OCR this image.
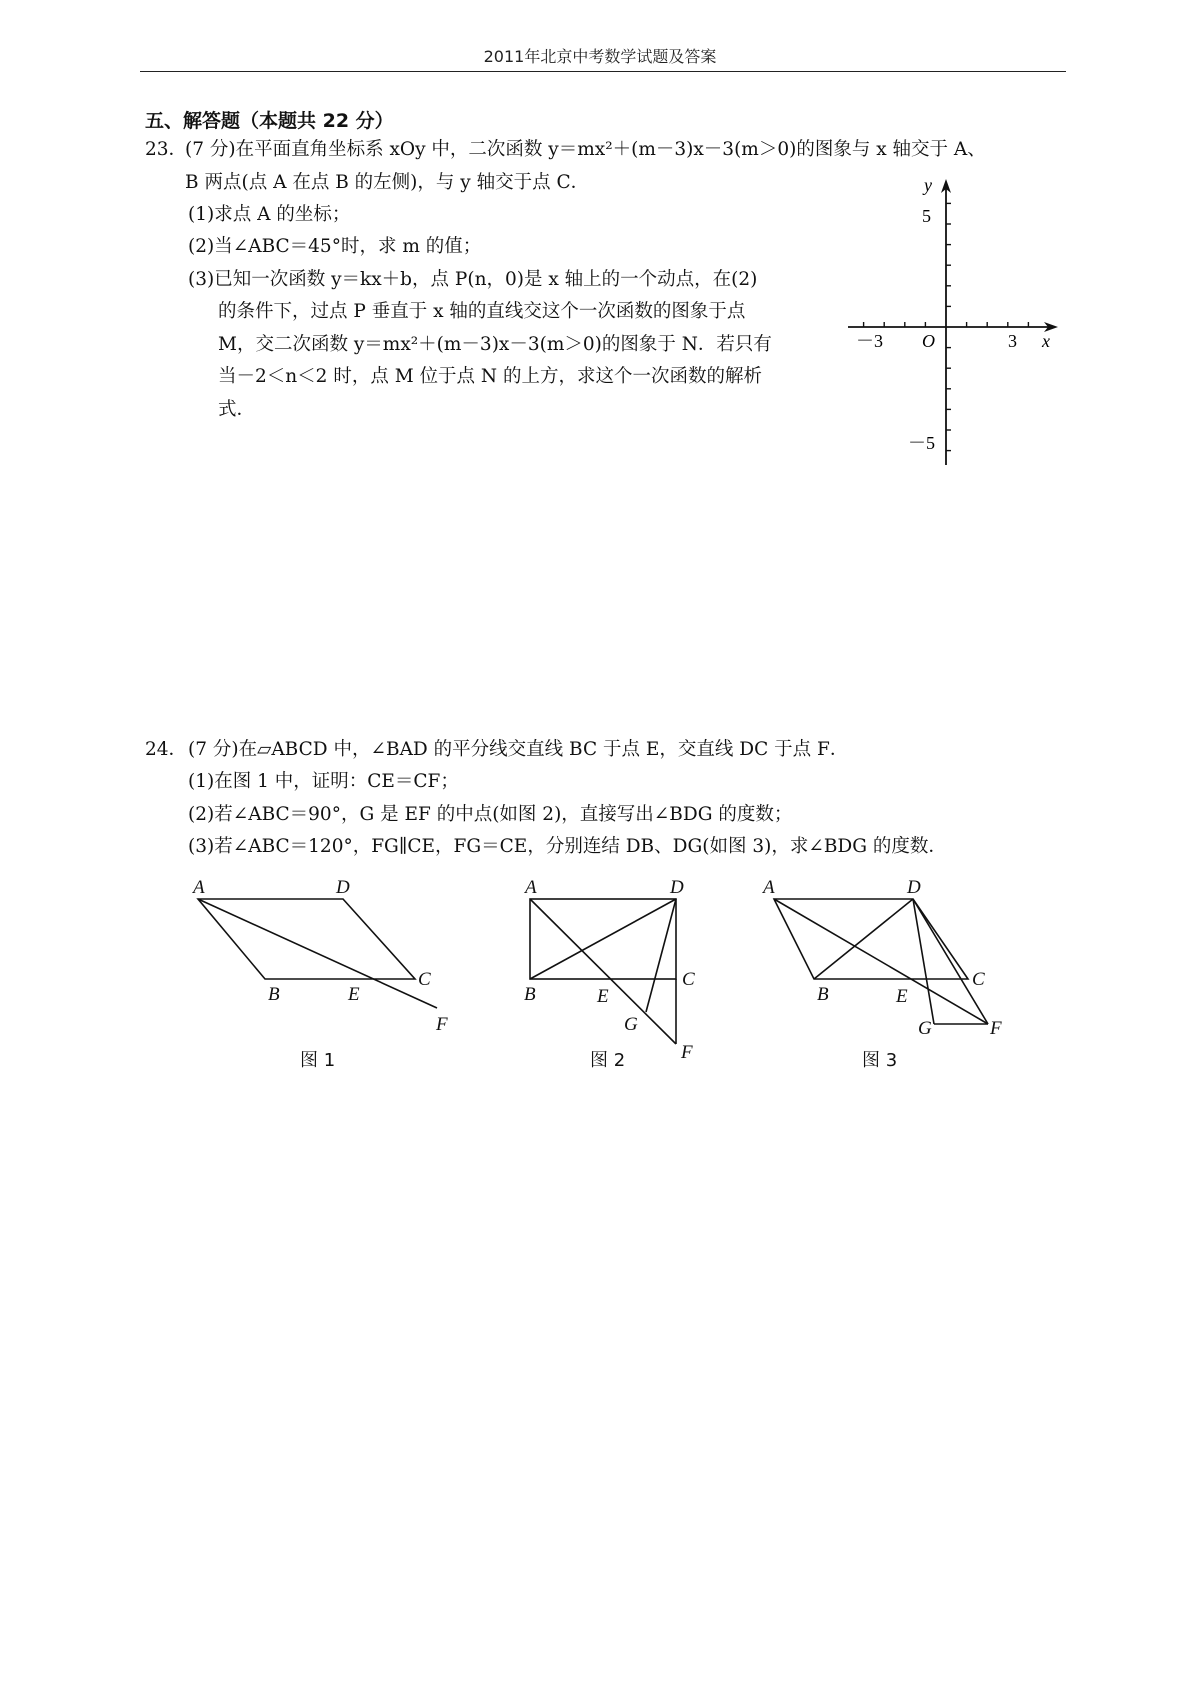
2011年北京中考数学试题及答案
五、解答题（本题共 22 分）
23．
(7 分)在平面直角坐标系 xOy 中，二次函数 y＝mx²＋(m－3)x－3(m＞0)的图象与 x 轴交于 A、
B 两点(点 A 在点 B 的左侧)，与 y 轴交于点 C．
(1)求点 A 的坐标；
(2)当∠ABC＝45°时，求 m 的值；
(3)已知一次函数 y＝kx＋b，点 P(n，0)是 x 轴上的一个动点，在(2)
的条件下，过点 P 垂直于 x 轴的直线交这个一次函数的图象于点
M，交二次函数 y＝mx²＋(m－3)x－3(m＞0)的图象于 N．若只有
当－2＜n＜2 时，点 M 位于点 N 的上方，求这个一次函数的解析
式．
x
y
O
－3	3
5
－5
24． (7 分)在▱ABCD 中，∠BAD 的平分线交直线 BC 于点 E，交直线 DC 于点 F．
(1)在图 1 中，证明：CE＝CF；
(2)若∠ABC＝90°，G 是 EF 的中点(如图 2)，直接写出∠BDG 的度数；
(3)若∠ABC＝120°，FG∥CE，FG＝CE，分别连结 DB、DG(如图 3)，求∠BDG 的度数．
A	D
C
B	E
F
A	D
C
B	E
G
F
A	D
C
B	E
G	F
图 1	图 2	图 3
